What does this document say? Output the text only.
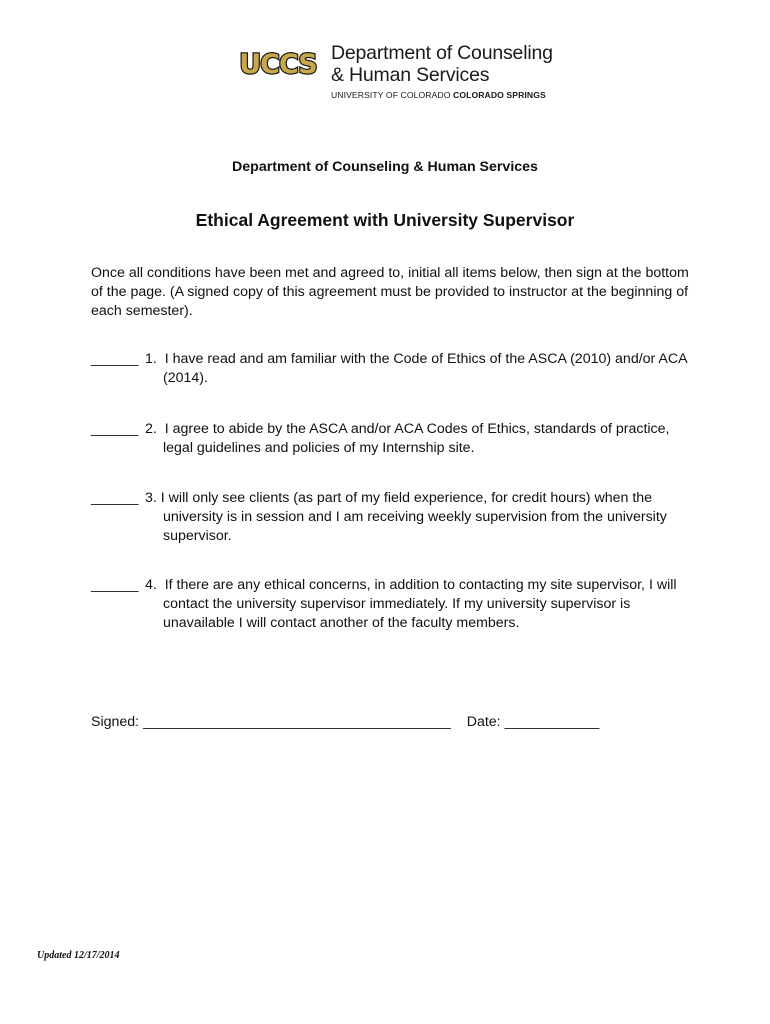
UCCS Department of Counseling
& Human Services
UNIVERSITY OF COLORADO COLORADO SPRINGS
Department of Counseling & Human Services
Ethical Agreement with University Supervisor
Once all conditions have been met and agreed to, initial all items below, then sign at the bottom of the page. (A signed copy of this agreement must be provided to instructor at the beginning of each semester).
______ 1. I have read and am familiar with the Code of Ethics of the ASCA (2010) and/or ACA (2014).
______ 2. I agree to abide by the ASCA and/or ACA Codes of Ethics, standards of practice, legal guidelines and policies of my Internship site.
______ 3. I will only see clients (as part of my field experience, for credit hours) when the university is in session and I am receiving weekly supervision from the university supervisor.
______ 4. If there are any ethical concerns, in addition to contacting my site supervisor, I will contact the university supervisor immediately. If my university supervisor is unavailable I will contact another of the faculty members.
Signed: _______________________________________ Date: ____________
Updated 12/17/2014
